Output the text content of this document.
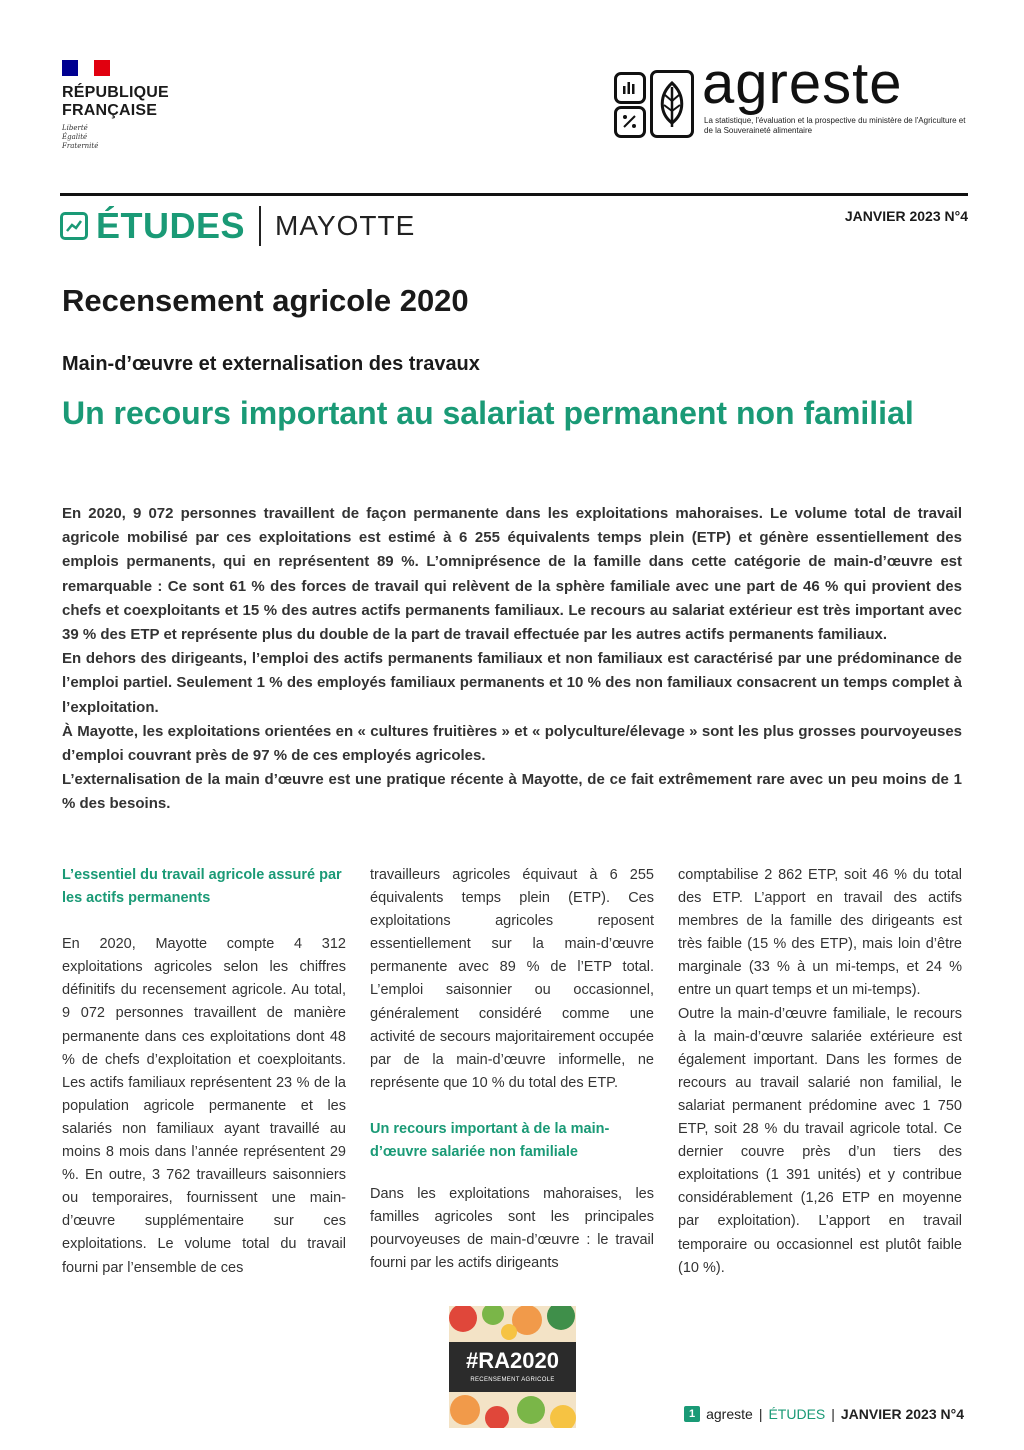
RÉPUBLIQUE
FRANÇAISE
Liberté
Égalité
Fraternité
agreste
La statistique, l'évaluation et la prospective du ministère de l'Agriculture et de la Souveraineté alimentaire
ÉTUDES MAYOTTE	JANVIER 2023 N°4
Recensement agricole 2020
Main-d’œuvre et externalisation des travaux
Un recours important au salariat permanent non familial

En 2020, 9 072 personnes travaillent de façon permanente dans les exploitations mahoraises. Le volume total de travail agricole mobilisé par ces exploitations est estimé à 6 255 équivalents temps plein (ETP) et génère essentiellement des emplois permanents, qui en représentent 89 %. L’omniprésence de la famille dans cette catégorie de main-d’œuvre est remarquable : Ce sont 61 % des forces de travail qui relèvent de la sphère familiale avec une part de 46 % qui provient des chefs et coexploitants et 15 % des autres actifs permanents familiaux. Le recours au salariat extérieur est très important avec 39 % des ETP et représente plus du double de la part de travail effectuée par les autres actifs permanents familiaux.

En dehors des dirigeants, l’emploi des actifs permanents familiaux et non familiaux est caractérisé par une prédominance de l’emploi partiel. Seulement 1 % des employés familiaux permanents et 10 % des non familiaux consacrent un temps complet à l’exploitation.

À Mayotte, les exploitations orientées en « cultures fruitières » et « polyculture/élevage » sont les plus grosses pourvoyeuses d’emploi couvrant près de 97 % de ces employés agricoles.

L’externalisation de la main d’œuvre est une pratique récente à Mayotte, de ce fait extrêmement rare avec un peu moins de 1 % des besoins.

L’essentiel du travail agricole assuré par les actifs permanents

En 2020, Mayotte compte 4 312 exploitations agricoles selon les chiffres définitifs du recensement agricole. Au total, 9 072 personnes travaillent de manière permanente dans ces exploitations dont 48 % de chefs d’exploitation et coexploitants. Les actifs familiaux représentent 23 % de la population agricole permanente et les salariés non familiaux ayant travaillé au moins 8 mois dans l’année représentent 29 %. En outre, 3 762 travailleurs saisonniers ou temporaires, fournissent une main-d’œuvre supplémentaire sur ces exploitations. Le volume total du travail fourni par l’ensemble de ces

travailleurs agricoles équivaut à 6 255 équivalents temps plein (ETP). Ces exploitations agricoles reposent essentiellement sur la main-d’œuvre permanente avec 89 % de l’ETP total. L’emploi saisonnier ou occasionnel, généralement considéré comme une activité de secours majoritairement occupée par de la main-d’œuvre informelle, ne représente que 10 % du total des ETP.

Un recours important à de la main-d’œuvre salariée non familiale

Dans les exploitations mahoraises, les familles agricoles sont les principales pourvoyeuses de main-d’œuvre : le travail fourni par les actifs dirigeants

comptabilise 2 862 ETP, soit 46 % du total des ETP. L’apport en travail des actifs membres de la famille des dirigeants est très faible (15 % des ETP), mais loin d’être marginale (33 % à un mi-temps, et 24 % entre un quart temps et un mi-temps).

Outre la main-d’œuvre familiale, le recours à la main-d’œuvre salariée extérieure est également important. Dans les formes de recours au travail salarié non familial, le salariat permanent prédomine avec 1 750 ETP, soit 28 % du travail agricole total. Ce dernier couvre près d’un tiers des exploitations (1 391 unités) et y contribue considérablement (1,26 ETP en moyenne par exploitation). L’apport en travail temporaire ou occasionnel est plutôt faible (10 %).

#RA2020
RECENSEMENT AGRICOLE
1 agreste | ÉTUDES | JANVIER 2023 N°4
